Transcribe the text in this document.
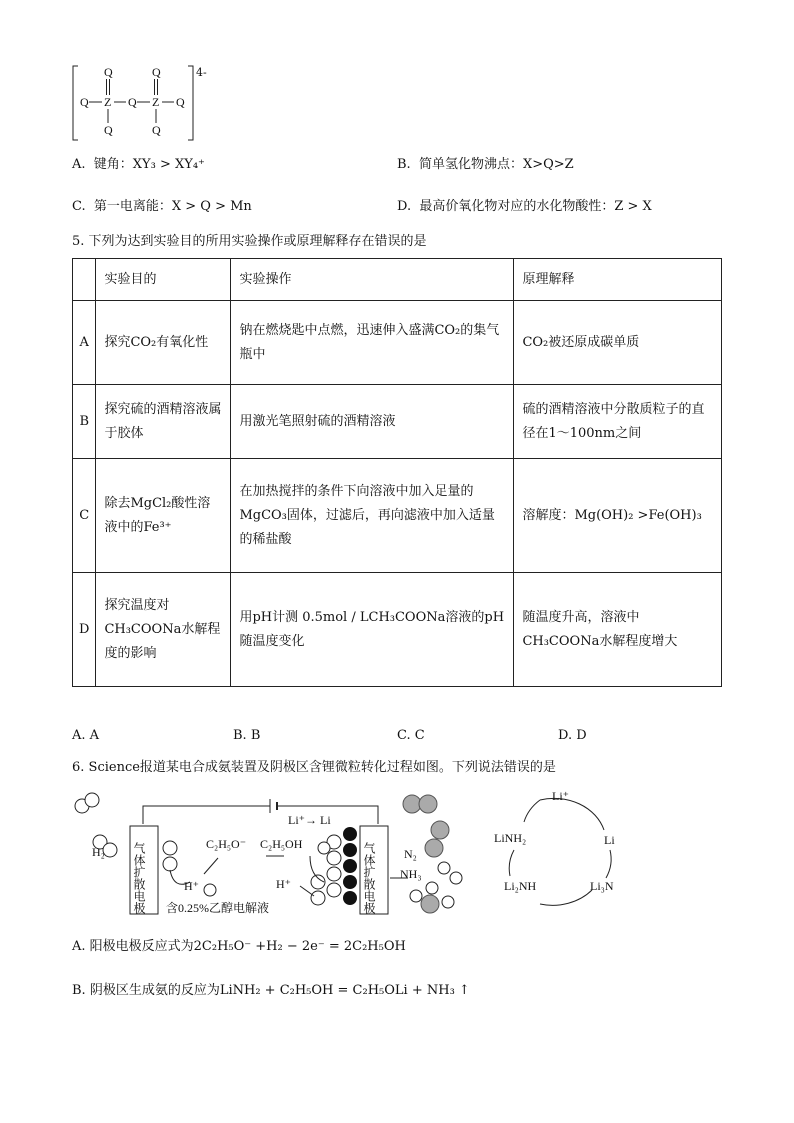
Q	Q
Q Z Q Z Q
Q	Q
4-
A. 键角：XY₃ > XY₄⁺	B. 简单氢化物沸点：X>Q>Z
C. 第一电离能：X > Q > Mn	D. 最高价氧化物对应的水化物酸性：Z > X
5. 下列为达到实验目的所用实验操作或原理解释存在错误的是
	实验目的	实验操作	原理解释
A	探究CO₂有氧化性	钠在燃烧匙中点燃，迅速伸入盛满CO₂的集气瓶中	CO₂被还原成碳单质
B	探究硫的酒精溶液属于胶体	用激光笔照射硫的酒精溶液	硫的酒精溶液中分散质粒子的直径在1～100nm之间
C	除去MgCl₂酸性溶液中的Fe³⁺	在加热搅拌的条件下向溶液中加入足量的MgCO₃固体，过滤后，再向滤液中加入适量的稀盐酸	溶解度：Mg(OH)₂ >Fe(OH)₃
D	探究温度对CH₃COONa水解程度的影响	用pH计测 0.5mol / LCH₃COONa溶液的pH随温度变化	随温度升高，溶液中CH₃COONa水解程度增大
A. A	B. B	C. C	D. D
6. Science报道某电合成氨装置及阴极区含锂微粒转化过程如图。下列说法错误的是
气体扩散电极	气体扩散电极
H₂
C₂H₅O⁻ C₂H₅OH
Li⁺→ Li
N₂
H⁺	H⁺
NH₃
含0.25%乙醇电解液
Li⁺
Li
Li₃N
Li₂NH
LiNH₂
A. 阳极电极反应式为2C₂H₅O⁻ +H₂ − 2e⁻ = 2C₂H₅OH
B. 阴极区生成氨的反应为LiNH₂ + C₂H₅OH = C₂H₅OLi + NH₃ ↑
